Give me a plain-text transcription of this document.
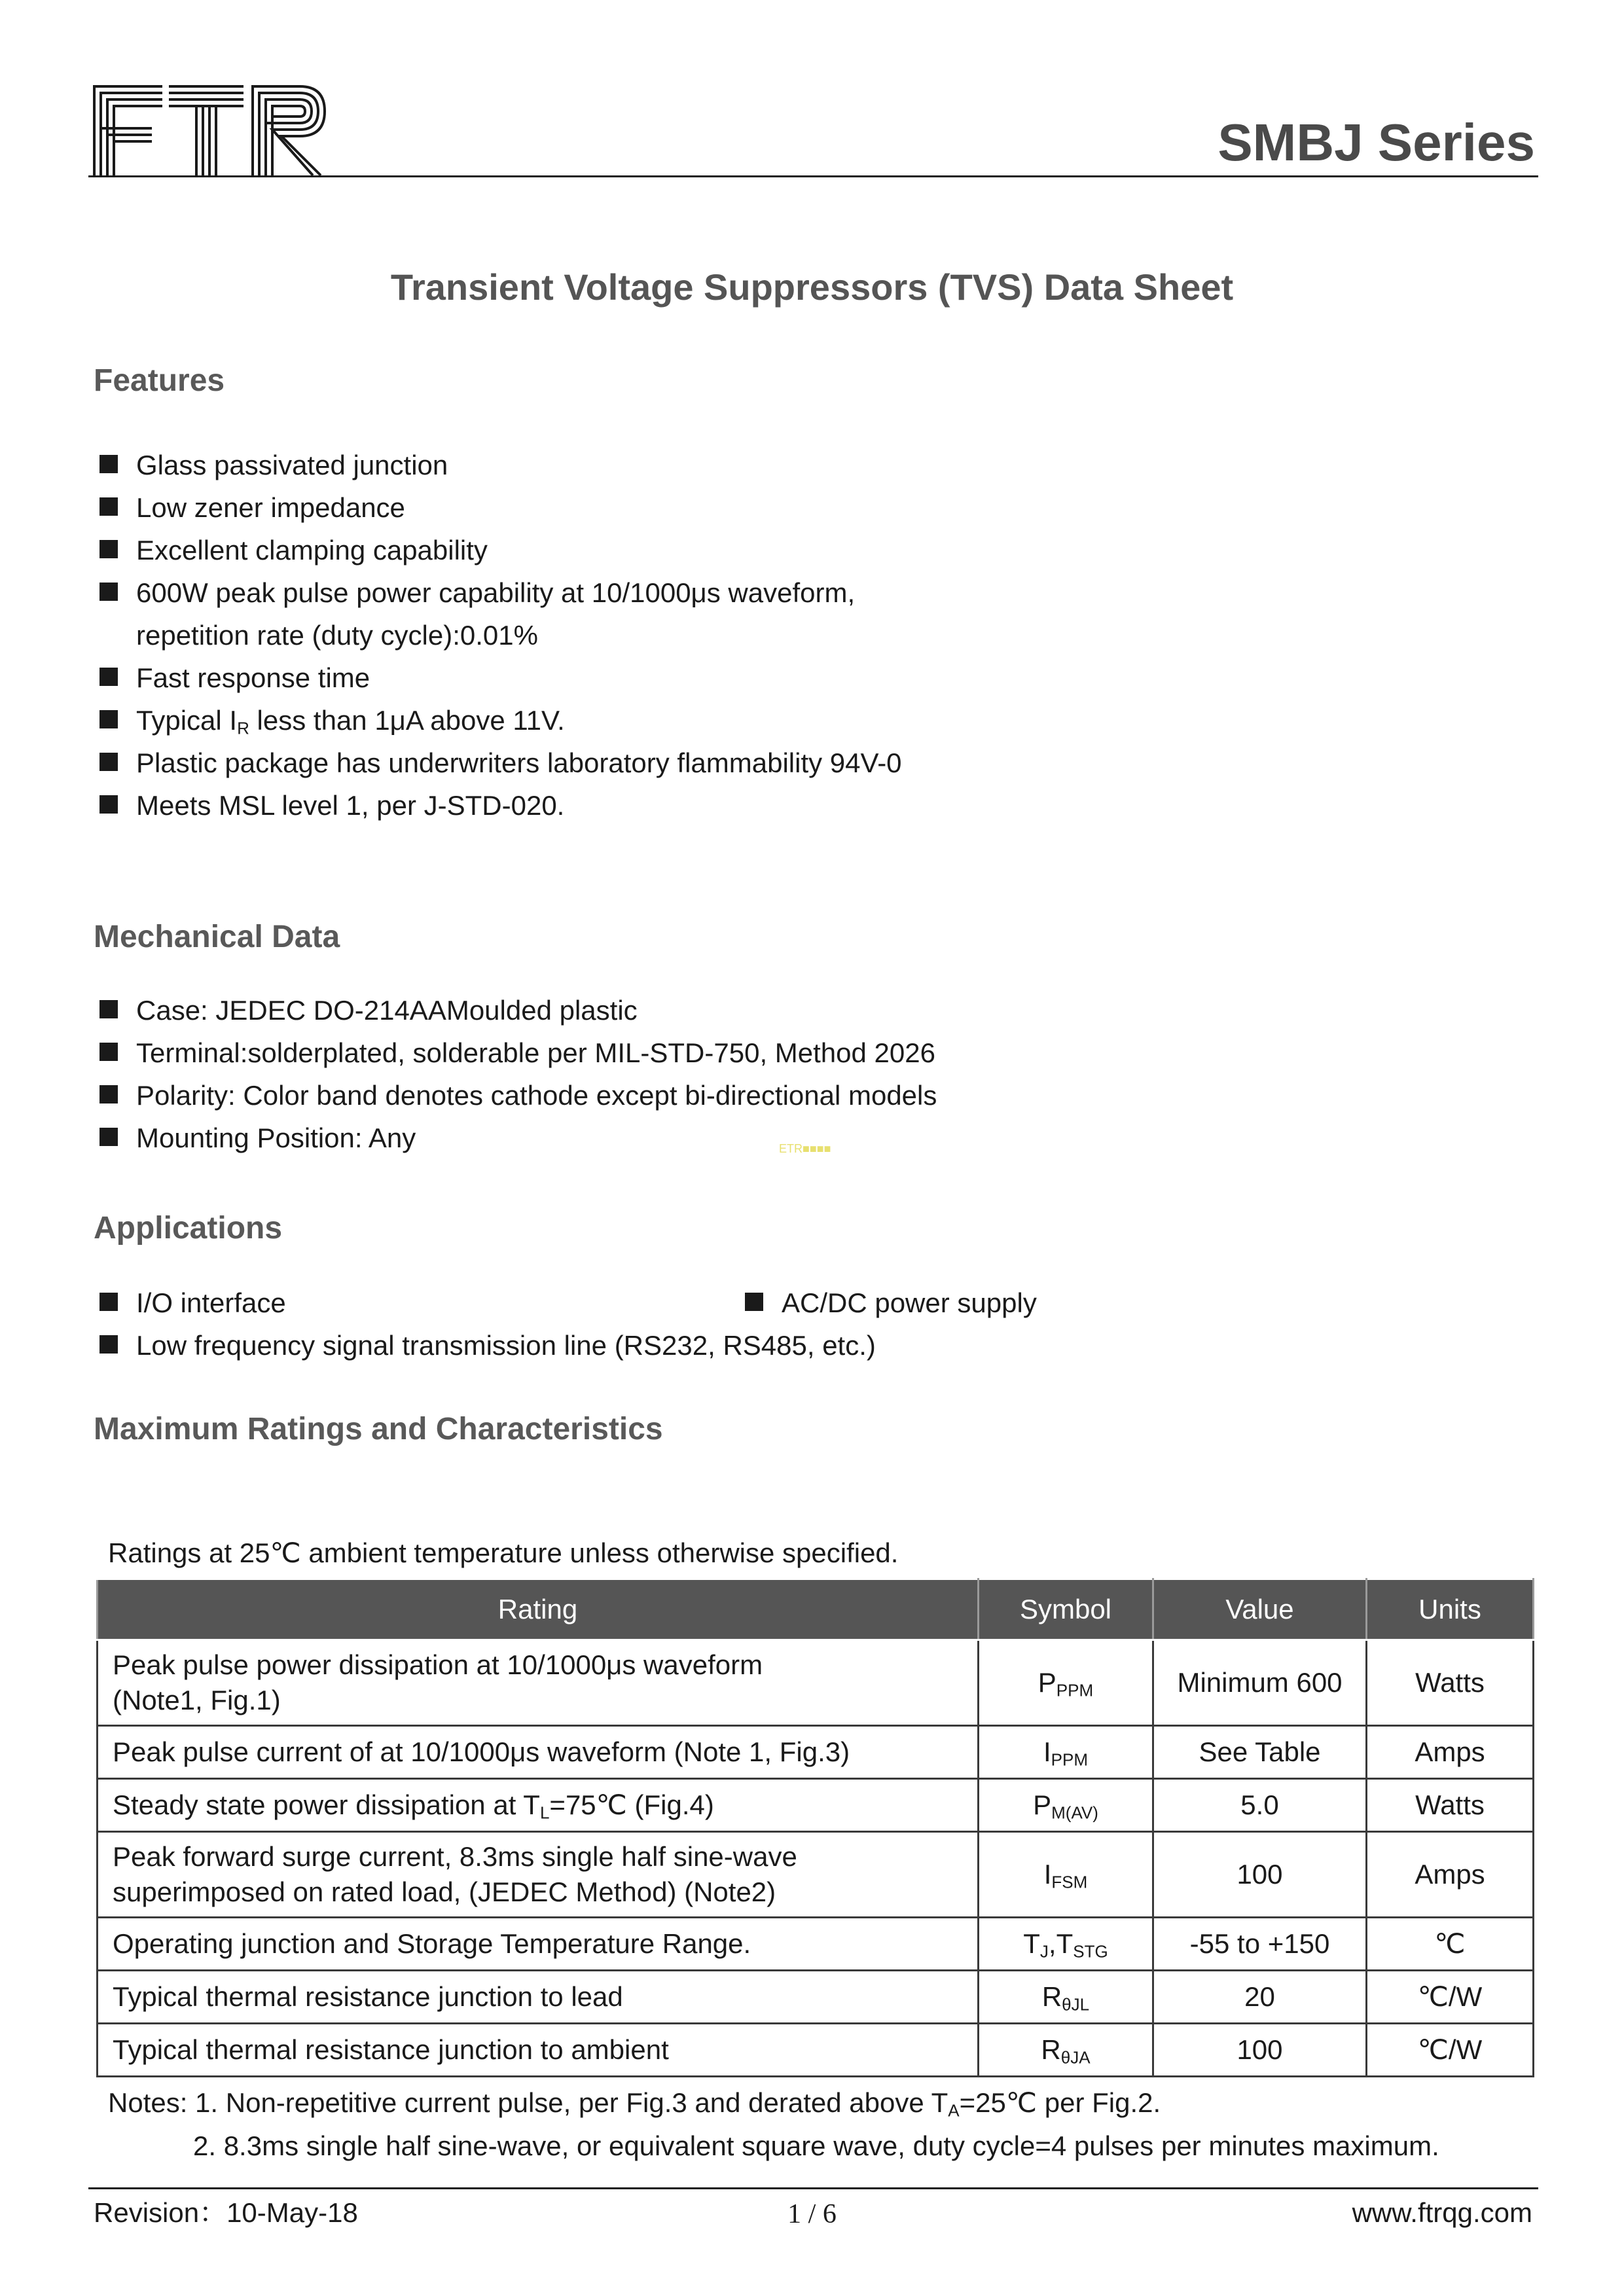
SMBJ Series
Transient Voltage Suppressors (TVS) Data Sheet
Features
Glass passivated junction
Low zener impedance
Excellent clamping capability
600W peak pulse power capability at 10/1000μs waveform,
repetition rate (duty cycle):0.01%
Fast response time
Typical $I_R$ less than 1μA above 11V.
Plastic package has underwriters laboratory flammability 94V-0
Meets MSL level 1, per J-STD-020.
Mechanical Data
Case: JEDEC DO-214AAMoulded plastic
Terminal:solderplated, solderable per MIL-STD-750, Method 2026
Polarity: Color band denotes cathode except bi-directional models
Mounting Position: Any	ETR■■■■
Applications
I/O interface
Low frequency signal transmission line (RS232, RS485, etc.)
AC/DC power supply
Maximum Ratings and Characteristics
Ratings at 25℃ ambient temperature unless otherwise specified.
Rating	Symbol	Value	Units
Peak pulse power dissipation at 10/1000μs waveform
(Note1, Fig.1)	$P_{PPM}$	Minimum 600	Watts
Peak pulse current of at 10/1000μs waveform (Note 1, Fig.3)	$I_{PPM}$	See Table	Amps
Steady state power dissipation at $T_L=75℃$ (Fig.4)	$P_{M(AV)}$	5.0	Watts
Peak forward surge current, 8.3ms single half sine-wave
superimposed on rated load, (JEDEC Method) (Note2)	$I_{FSM}$	100	Amps
Operating junction and Storage Temperature Range.	$T_J,T_{STG}$	-55 to +150	℃
Typical thermal resistance junction to lead	$R_{\theta JL}$	20	℃/W
Typical thermal resistance junction to ambient	$R_{\theta JA}$	100	℃/W
Notes: 1. Non-repetitive current pulse, per Fig.3 and derated above $T_A=25℃$ per Fig.2.
2. 8.3ms single half sine-wave, or equivalent square wave, duty cycle=4 pulses per minutes maximum.
Revision：10-May-18	1 / 6	www.ftrqg.com
